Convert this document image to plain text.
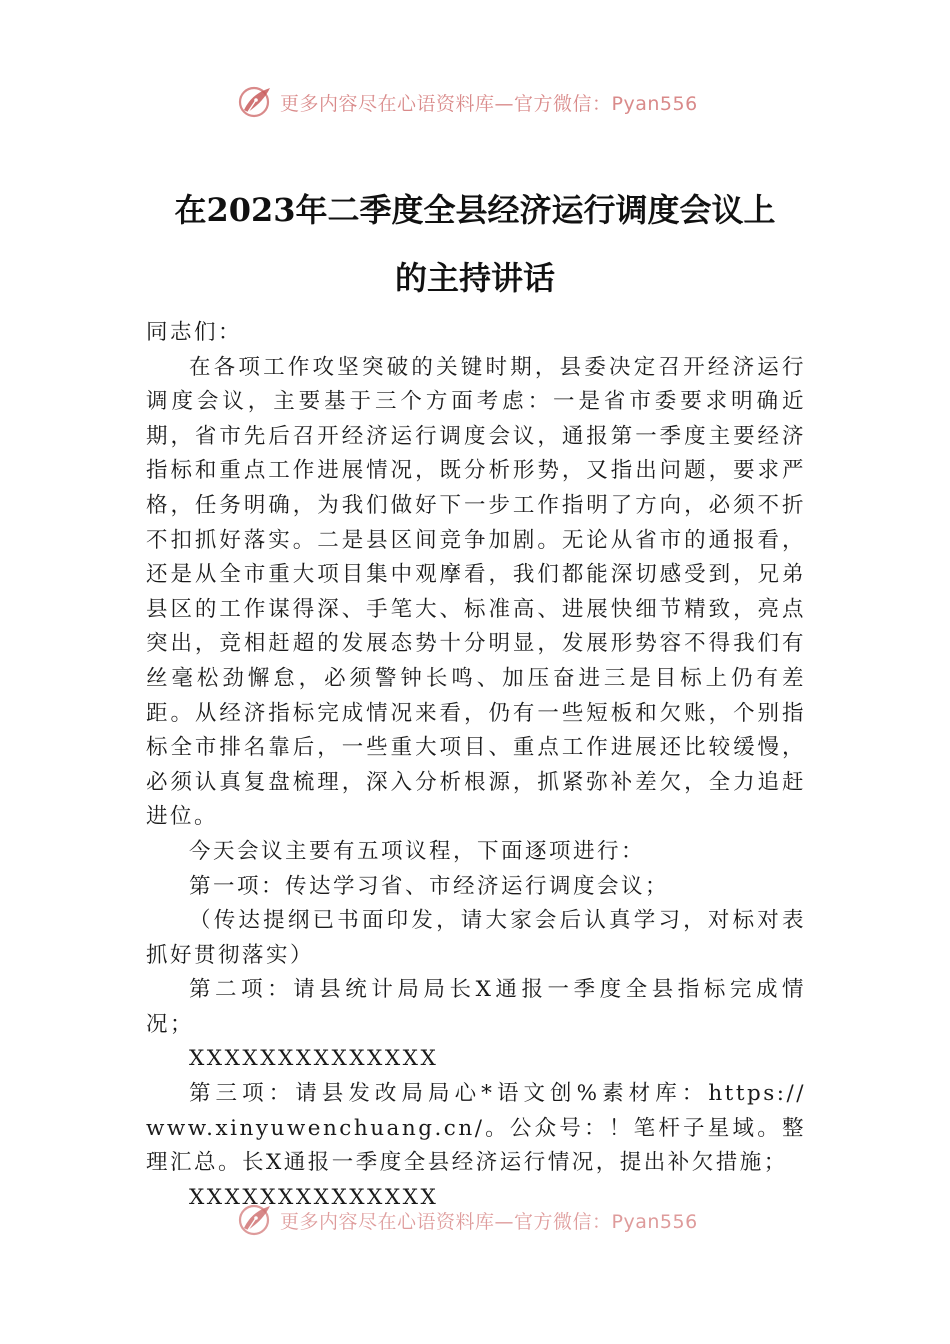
更多内容尽在心语资料库—官方微信：Pyan556
在2023年二季度全县经济运行调度会议上
的主持讲话

同志们：

在各项工作攻坚突破的关键时期，县委决定召开经济运行调度会议，主要基于三个方面考虑：一是省市委要求明确近期，省市先后召开经济运行调度会议，通报第一季度主要经济指标和重点工作进展情况，既分析形势，又指出问题，要求严格，任务明确，为我们做好下一步工作指明了方向，必须不折不扣抓好落实。二是县区间竞争加剧。无论从省市的通报看，还是从全市重大项目集中观摩看，我们都能深切感受到，兄弟县区的工作谋得深、手笔大、标准高、进展快细节精致，亮点突出，竞相赶超的发展态势十分明显，发展形势容不得我们有丝毫松劲懈怠，必须警钟长鸣、加压奋进三是目标上仍有差距。从经济指标完成情况来看，仍有一些短板和欠账，个别指标全市排名靠后，一些重大项目、重点工作进展还比较缓慢，必须认真复盘梳理，深入分析根源，抓紧弥补差欠，全力追赶进位。

今天会议主要有五项议程，下面逐项进行：

第一项：传达学习省、市经济运行调度会议；

（传达提纲已书面印发，请大家会后认真学习，对标对表抓好贯彻落实）

第二项：请县统计局局长X通报一季度全县指标完成情况；

XXXXXXXXXXXXXX

第三项：请县发改局局心*语文创%素材库：https://

www.xinyuwenchuang.cn/。公众号：！笔杆子星域。整理汇总。长X通报一季度全县经济运行情况，提出补欠措施；

XXXXXXXXXXXXXX

更多内容尽在心语资料库—官方微信：Pyan556
